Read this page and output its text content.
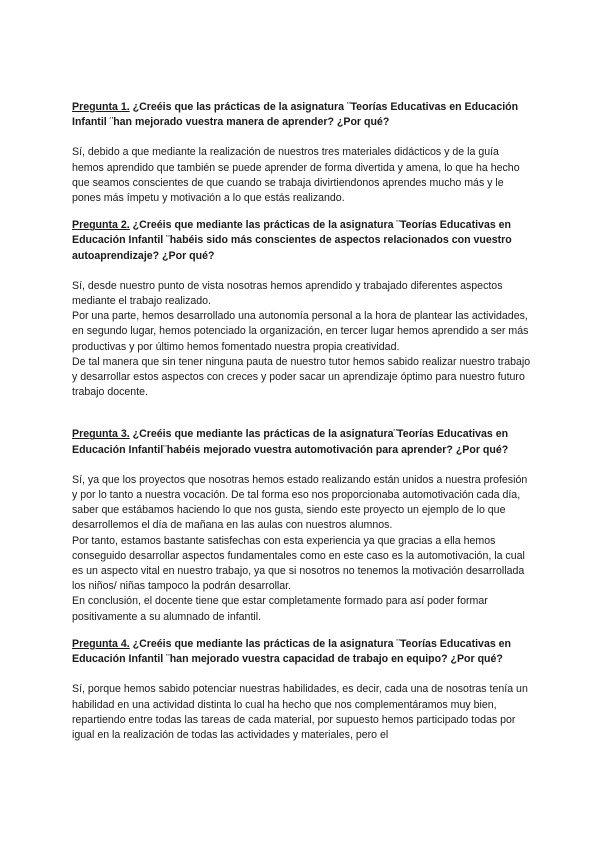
Pregunta 1. ¿Creéis que las prácticas de la asignatura ¨Teorías Educativas en Educación Infantil ¨han mejorado vuestra manera de aprender? ¿Por qué?

Sí, debido a que mediante la realización de nuestros tres materiales didácticos y de la guía hemos aprendido que también se puede aprender de forma divertida y amena, lo que ha hecho que seamos conscientes de que cuando se trabaja divirtiendonos aprendes mucho más y le pones más ímpetu y motivación a lo que estás realizando.

Pregunta 2. ¿Creéis que mediante las prácticas de la asignatura ¨Teorías Educativas en Educación Infantil ¨habéis sido más conscientes de aspectos relacionados con vuestro autoaprendizaje? ¿Por qué?

Sí, desde nuestro punto de vista nosotras hemos aprendido y trabajado diferentes aspectos mediante el trabajo realizado.
Por una parte, hemos desarrollado una autonomía personal a la hora de plantear las actividades, en segundo lugar, hemos potenciado la organización, en tercer lugar hemos aprendido a ser más productivas y por último hemos fomentado nuestra propia creatividad.
De tal manera que sin tener ninguna pauta de nuestro tutor hemos sabido realizar nuestro trabajo y desarrollar estos aspectos con creces y poder sacar un aprendizaje óptimo para nuestro futuro trabajo docente.

Pregunta 3. ¿Creéis que mediante las prácticas de la asignatura¨Teorías Educativas en Educación Infantil¨habéis mejorado vuestra automotivación para aprender? ¿Por qué?

Sí, ya que los proyectos que nosotras hemos estado realizando están unidos a nuestra profesión y por lo tanto a nuestra vocación. De tal forma eso nos proporcionaba automotivación cada día, saber que estábamos haciendo lo que nos gusta, siendo este proyecto un ejemplo de lo que desarrollemos el día de mañana en las aulas con nuestros alumnos.
Por tanto, estamos bastante satisfechas con esta experiencia ya que gracias a ella hemos conseguido desarrollar aspectos fundamentales como en este caso es la automotivación, la cual es un aspecto vital en nuestro trabajo, ya que si nosotros no tenemos la motivación desarrollada los niños/ niñas tampoco la podrán desarrollar.
En conclusión, el docente tiene que estar completamente formado para así poder formar positivamente a su alumnado de infantil.

Pregunta 4. ¿Creéis que mediante las prácticas de la asignatura ¨Teorías Educativas en Educación Infantil ¨han mejorado vuestra capacidad de trabajo en equipo? ¿Por qué?

Sí, porque hemos sabido potenciar nuestras habilidades, es decir, cada una de nosotras tenía un habilidad en una actividad distinta lo cual ha hecho que nos complementáramos muy bien, repartiendo entre todas las tareas de cada material, por supuesto hemos participado todas por igual en la realización de todas las actividades y materiales, pero el
